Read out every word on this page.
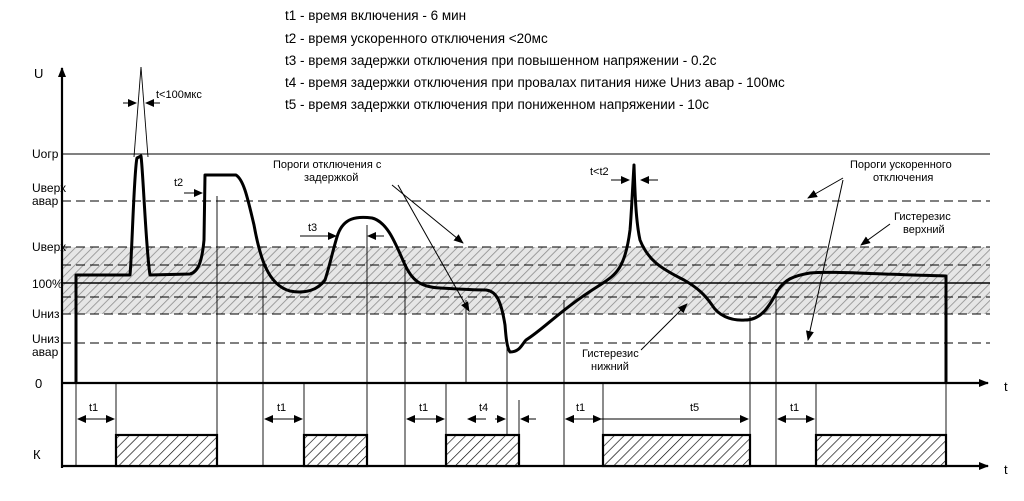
t1 - время включения - 6 мин
t2 - время ускоренного отключения <20мс
t3 - время задержки отключения при повышенном напряжении - 0.2с
t4 - время задержки отключения при провалах питания ниже Uниз авар - 100мс
t5 - время задержки отключения при пониженном напряжении - 10с
U
t
t
К
0
Uогр
Uверх
авар
Uверх
100%
Uниз
Uниз
авар
t<100мкс
t2
t3
t<t2
Пороги отключения с
задержкой
Пороги ускоренного
отключения
Гистерезис
верхний
Гистерезис
нижний
t1	t1	t1	t4	t1	t5	t1
